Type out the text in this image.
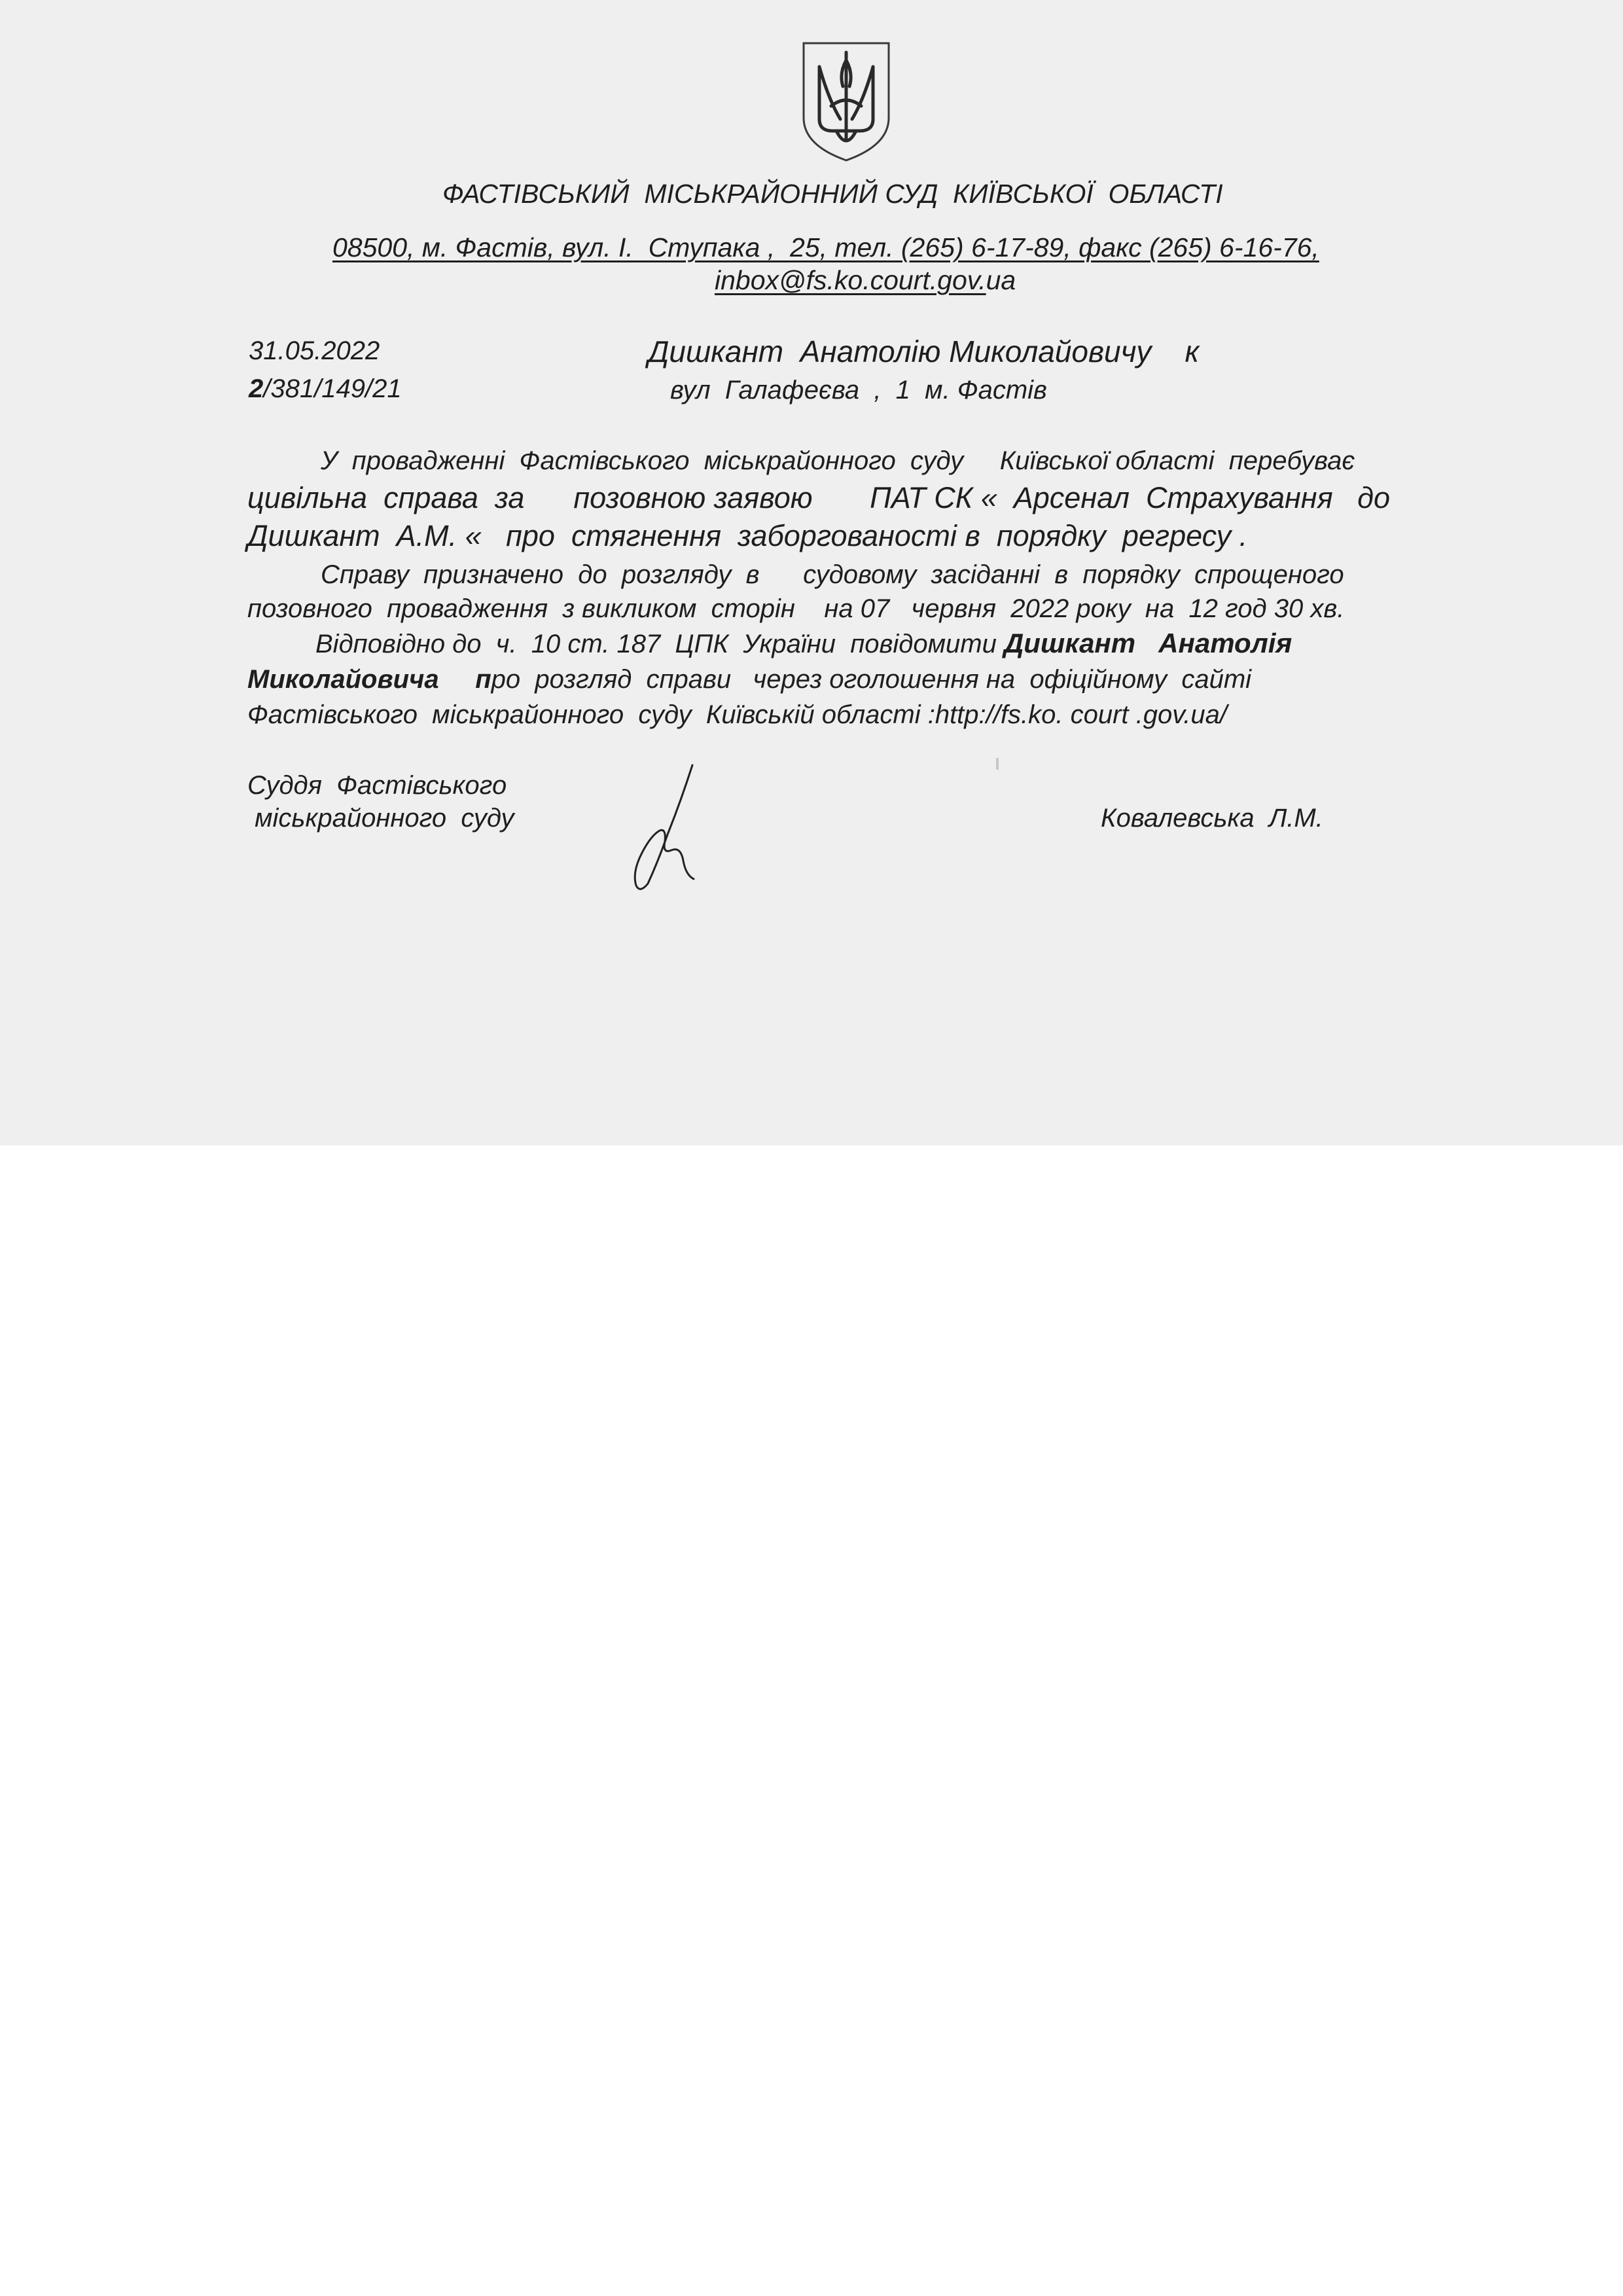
ФАСТІВСЬКИЙ  МІСЬКРАЙОННИЙ СУД  КИЇВСЬКОЇ  ОБЛАСТІ
08500, м. Фастів, вул. І.  Ступака ,  25, тел. (265) 6-17-89, факс (265) 6-16-76,
inbox@fs.ko.court.gov.ua
31.05.2022
2/381/149/21
Дишкант  Анатолію Миколайовичу    к
вул  Галафеєва  ,  1  м. Фастів
У  провадженні  Фастівського  міськрайонного  суду     Київської області  перебуває
цивільна  справа  за      позовною заявою       ПАТ СК «  Арсенал  Страхування   до
Дишкант  А.М. «   про  стягнення  заборгованості в  порядку  регресу .
Справу  призначено  до  розгляду  в      судовому  засіданні  в  порядку  спрощеного
позовного  провадження  з викликом  сторін    на 07   червня  2022 року  на  12 год 30 хв.
Відповідно до  ч.  10 ст. 187  ЦПК  України  повідомити Дишкант   Анатолія
Миколайовича про  розгляд  справи   через оголошення на  офіційному  сайті
Фастівського  міськрайонного  суду  Київській області :http://fs.ko. court .gov.ua/
Суддя  Фастівського
міськрайонного  суду	Ковалевська  Л.М.
